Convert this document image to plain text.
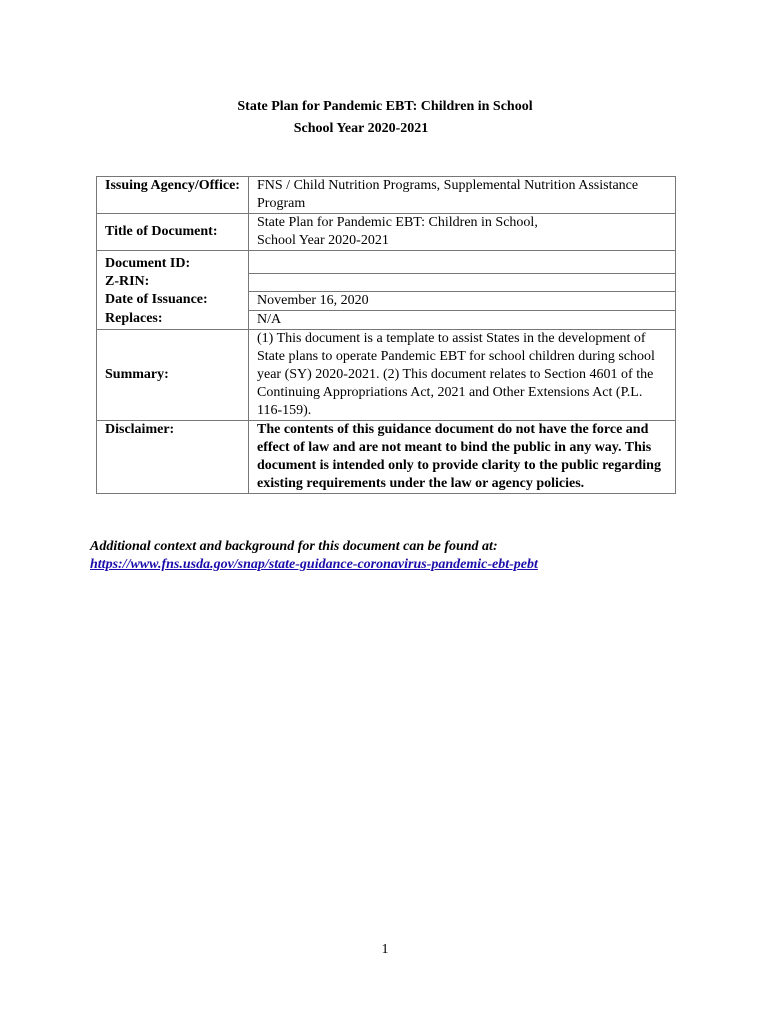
State Plan for Pandemic EBT: Children in School
School Year 2020-2021
Issuing Agency/Office:	FNS / Child Nutrition Programs, Supplemental Nutrition Assistance Program
Title of Document:	State Plan for Pandemic EBT: Children in School,
School Year 2020-2021

Document ID:	
Z-RIN:	
Date of Issuance:	November 16, 2020
Replaces:	N/A
Summary:	(1) This document is a template to assist States in the development of State plans to operate Pandemic EBT for school children during school year (SY) 2020-2021. (2) This document relates to Section 4601 of the Continuing Appropriations Act, 2021 and Other Extensions Act (P.L. 116-159).
Disclaimer:	The contents of this guidance document do not have the force and effect of law and are not meant to bind the public in any way. This document is intended only to provide clarity to the public regarding existing requirements under the law or agency policies.
Additional context and background for this document can be found at:
https://www.fns.usda.gov/snap/state-guidance-coronavirus-pandemic-ebt-pebt
1
